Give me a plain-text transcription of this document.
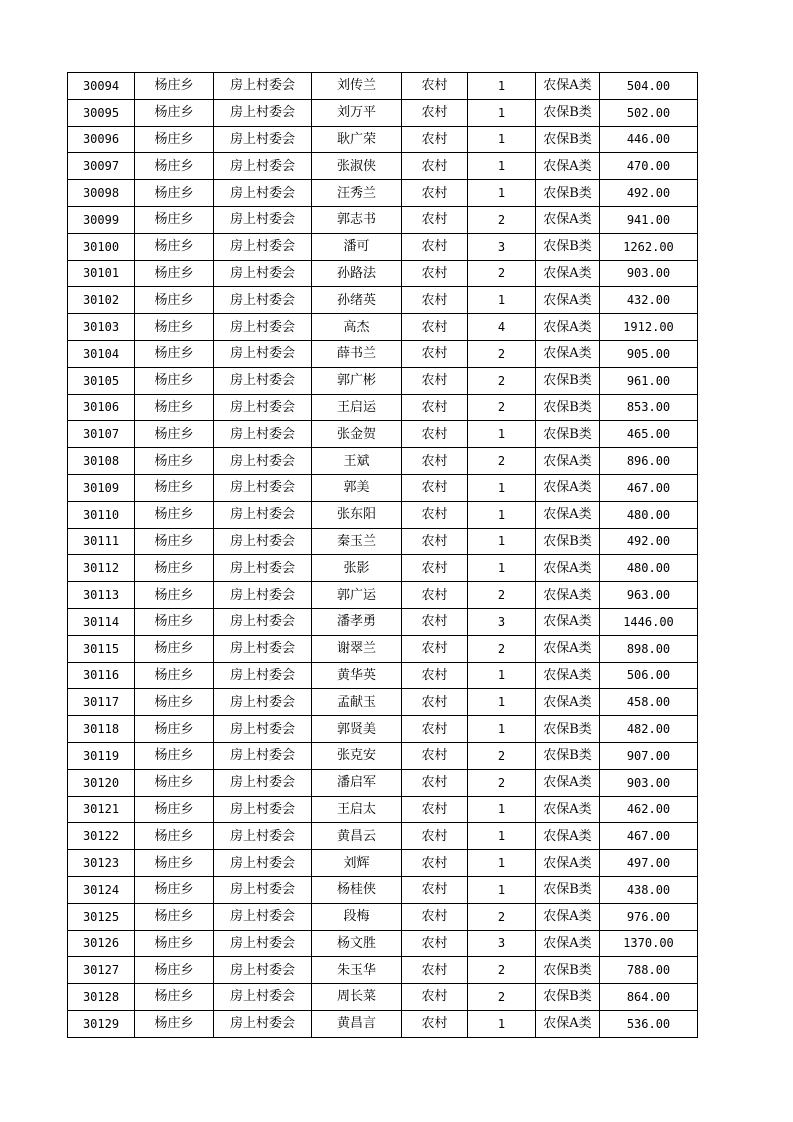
30094	杨庄乡	房上村委会	刘传兰	农村	1	农保A类	504.00
30095	杨庄乡	房上村委会	刘万平	农村	1	农保B类	502.00
30096	杨庄乡	房上村委会	耿广荣	农村	1	农保B类	446.00
30097	杨庄乡	房上村委会	张淑侠	农村	1	农保A类	470.00
30098	杨庄乡	房上村委会	汪秀兰	农村	1	农保B类	492.00
30099	杨庄乡	房上村委会	郭志书	农村	2	农保A类	941.00
30100	杨庄乡	房上村委会	潘可	农村	3	农保B类	1262.00
30101	杨庄乡	房上村委会	孙路法	农村	2	农保A类	903.00
30102	杨庄乡	房上村委会	孙绪英	农村	1	农保A类	432.00
30103	杨庄乡	房上村委会	高杰	农村	4	农保A类	1912.00
30104	杨庄乡	房上村委会	薛书兰	农村	2	农保A类	905.00
30105	杨庄乡	房上村委会	郭广彬	农村	2	农保B类	961.00
30106	杨庄乡	房上村委会	王启运	农村	2	农保B类	853.00
30107	杨庄乡	房上村委会	张金贺	农村	1	农保B类	465.00
30108	杨庄乡	房上村委会	王斌	农村	2	农保A类	896.00
30109	杨庄乡	房上村委会	郭美	农村	1	农保A类	467.00
30110	杨庄乡	房上村委会	张东阳	农村	1	农保A类	480.00
30111	杨庄乡	房上村委会	秦玉兰	农村	1	农保B类	492.00
30112	杨庄乡	房上村委会	张影	农村	1	农保A类	480.00
30113	杨庄乡	房上村委会	郭广运	农村	2	农保A类	963.00
30114	杨庄乡	房上村委会	潘孝勇	农村	3	农保A类	1446.00
30115	杨庄乡	房上村委会	谢翠兰	农村	2	农保A类	898.00
30116	杨庄乡	房上村委会	黄华英	农村	1	农保A类	506.00
30117	杨庄乡	房上村委会	孟献玉	农村	1	农保A类	458.00
30118	杨庄乡	房上村委会	郭贤美	农村	1	农保B类	482.00
30119	杨庄乡	房上村委会	张克安	农村	2	农保B类	907.00
30120	杨庄乡	房上村委会	潘启军	农村	2	农保A类	903.00
30121	杨庄乡	房上村委会	王启太	农村	1	农保A类	462.00
30122	杨庄乡	房上村委会	黄昌云	农村	1	农保A类	467.00
30123	杨庄乡	房上村委会	刘辉	农村	1	农保A类	497.00
30124	杨庄乡	房上村委会	杨桂侠	农村	1	农保B类	438.00
30125	杨庄乡	房上村委会	段梅	农村	2	农保A类	976.00
30126	杨庄乡	房上村委会	杨文胜	农村	3	农保A类	1370.00
30127	杨庄乡	房上村委会	朱玉华	农村	2	农保B类	788.00
30128	杨庄乡	房上村委会	周长菜	农村	2	农保B类	864.00
30129	杨庄乡	房上村委会	黄昌言	农村	1	农保A类	536.00
